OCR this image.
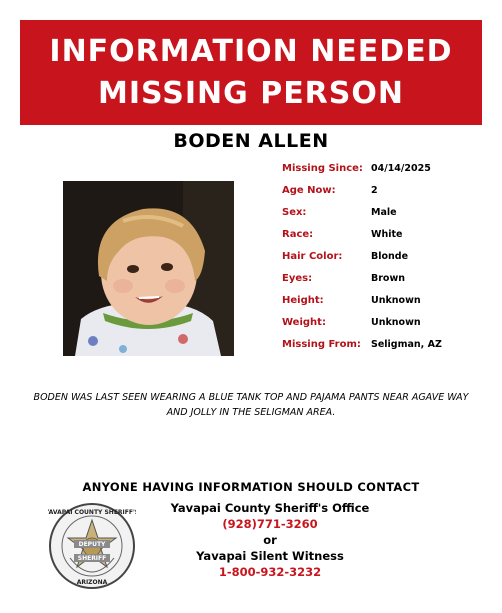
INFORMATION NEEDED
MISSING PERSON
BODEN ALLEN
Missing Since: 04/14/2025
Age Now:	2
Sex:	Male
Race:	White
Hair Color:	Blonde
Eyes:	Brown
Height:	Unknown
Weight:	Unknown
Missing From: Seligman, AZ
BODEN WAS LAST SEEN WEARING A BLUE TANK TOP AND PAJAMA PANTS NEAR AGAVE WAY AND JOLLY IN THE SELIGMAN AREA.
ANYONE HAVING INFORMATION SHOULD CONTACT
YAVAPAI COUNTY SHERIFF'S
DEPUTY
SHERIFF
ARIZONA
Yavapai County Sheriff's Office
(928)771-3260
or
Yavapai Silent Witness
1-800-932-3232
